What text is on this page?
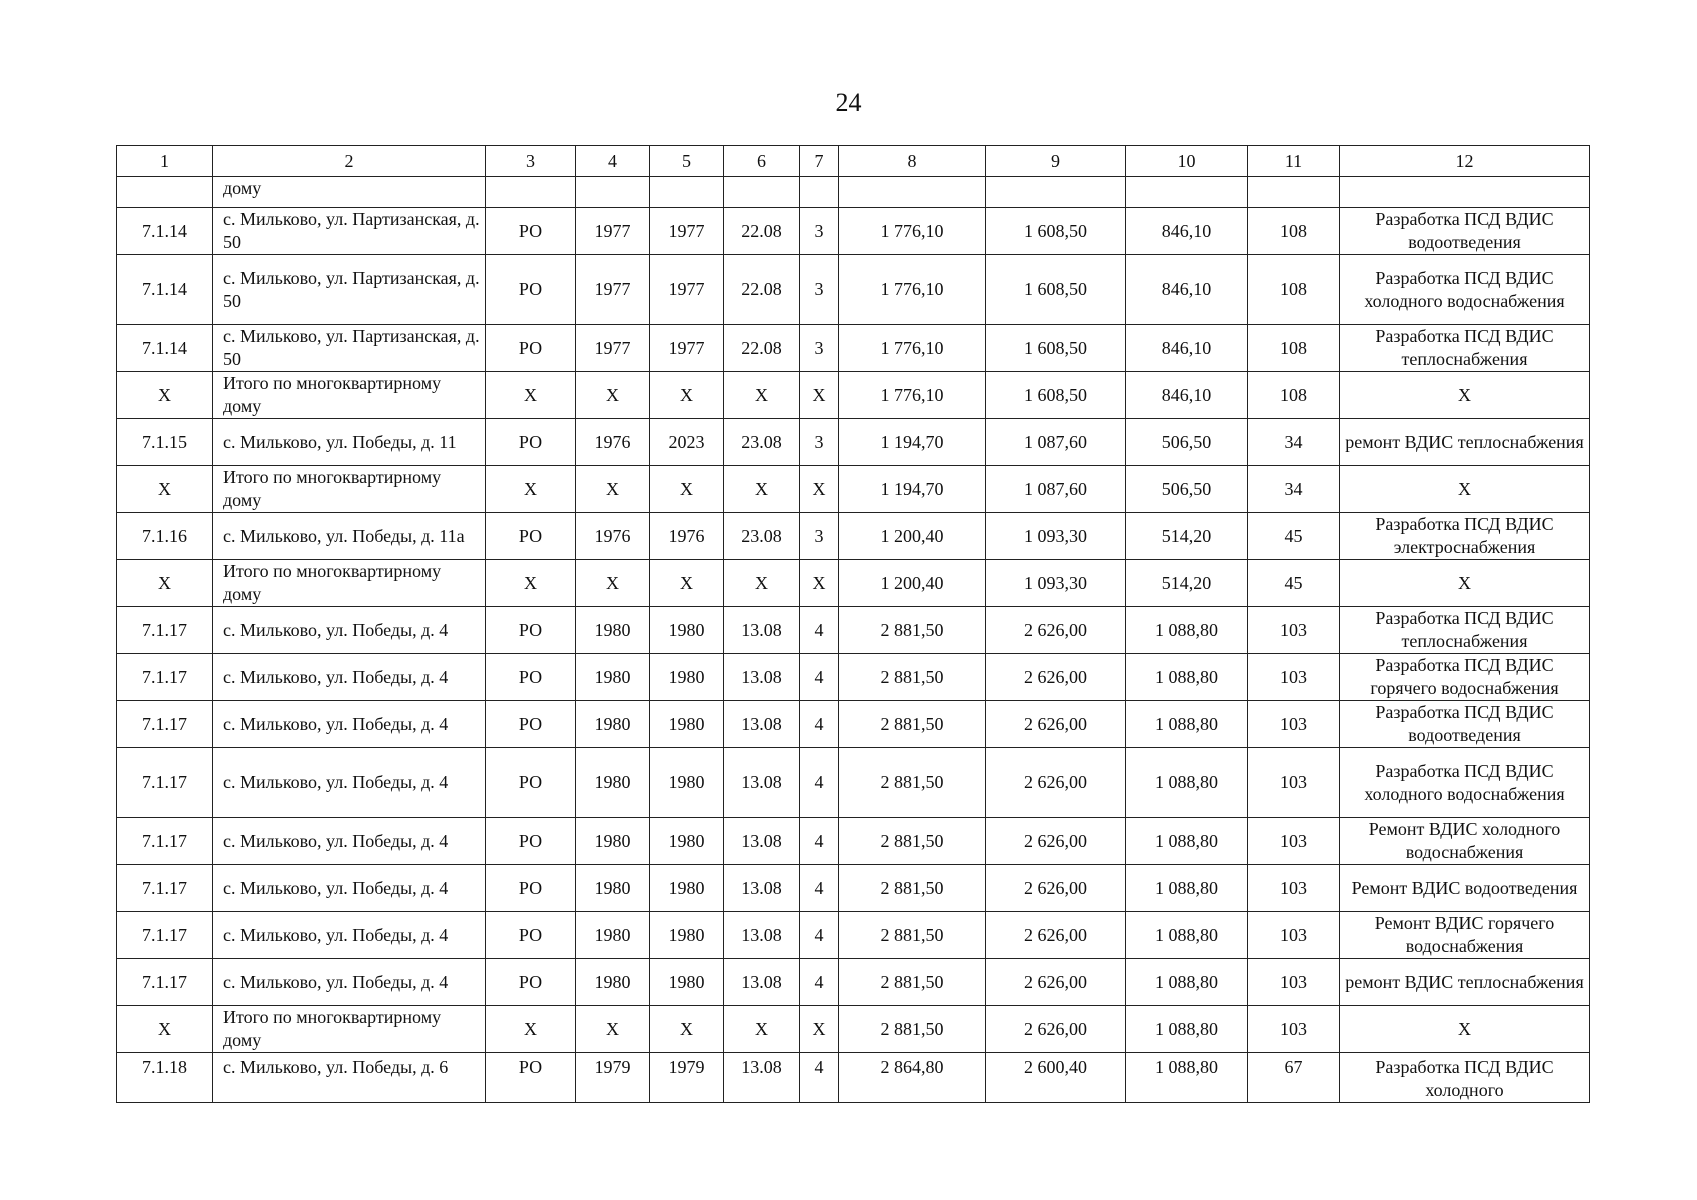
24
1	2	3	4	5	6	7	8	9	10	11	12
	дому										
7.1.14	с. Мильково, ул. Партизанская, д. 50	РО	1977	1977	22.08	3	1 776,10	1 608,50	846,10	108	Разработка ПСД ВДИС водоотведения
7.1.14	с. Мильково, ул. Партизанская, д. 50	РО	1977	1977	22.08	3	1 776,10	1 608,50	846,10	108	Разработка ПСД ВДИС холодного водоснабжения
7.1.14	с. Мильково, ул. Партизанская, д. 50	РО	1977	1977	22.08	3	1 776,10	1 608,50	846,10	108	Разработка ПСД ВДИС теплоснабжения
Х	Итого по многоквартирному дому	Х	Х	Х	Х	Х	1 776,10	1 608,50	846,10	108	Х
7.1.15	с. Мильково, ул. Победы, д. 11	РО	1976	2023	23.08	3	1 194,70	1 087,60	506,50	34	ремонт ВДИС теплоснабжения
Х	Итого по многоквартирному дому	Х	Х	Х	Х	Х	1 194,70	1 087,60	506,50	34	Х
7.1.16	с. Мильково, ул. Победы, д. 11а	РО	1976	1976	23.08	3	1 200,40	1 093,30	514,20	45	Разработка ПСД ВДИС электроснабжения
Х	Итого по многоквартирному дому	Х	Х	Х	Х	Х	1 200,40	1 093,30	514,20	45	Х
7.1.17	с. Мильково, ул. Победы, д. 4	РО	1980	1980	13.08	4	2 881,50	2 626,00	1 088,80	103	Разработка ПСД ВДИС теплоснабжения
7.1.17	с. Мильково, ул. Победы, д. 4	РО	1980	1980	13.08	4	2 881,50	2 626,00	1 088,80	103	Разработка ПСД ВДИС горячего водоснабжения
7.1.17	с. Мильково, ул. Победы, д. 4	РО	1980	1980	13.08	4	2 881,50	2 626,00	1 088,80	103	Разработка ПСД ВДИС водоотведения
7.1.17	с. Мильково, ул. Победы, д. 4	РО	1980	1980	13.08	4	2 881,50	2 626,00	1 088,80	103	Разработка ПСД ВДИС холодного водоснабжения
7.1.17	с. Мильково, ул. Победы, д. 4	РО	1980	1980	13.08	4	2 881,50	2 626,00	1 088,80	103	Ремонт ВДИС холодного водоснабжения
7.1.17	с. Мильково, ул. Победы, д. 4	РО	1980	1980	13.08	4	2 881,50	2 626,00	1 088,80	103	Ремонт ВДИС водоотведения
7.1.17	с. Мильково, ул. Победы, д. 4	РО	1980	1980	13.08	4	2 881,50	2 626,00	1 088,80	103	Ремонт ВДИС горячего водоснабжения
7.1.17	с. Мильково, ул. Победы, д. 4	РО	1980	1980	13.08	4	2 881,50	2 626,00	1 088,80	103	ремонт ВДИС теплоснабжения
Х	Итого по многоквартирному дому	Х	Х	Х	Х	Х	2 881,50	2 626,00	1 088,80	103	Х
7.1.18	с. Мильково, ул. Победы, д. 6	РО	1979	1979	13.08	4	2 864,80	2 600,40	1 088,80	67	Разработка ПСД ВДИС холодного
